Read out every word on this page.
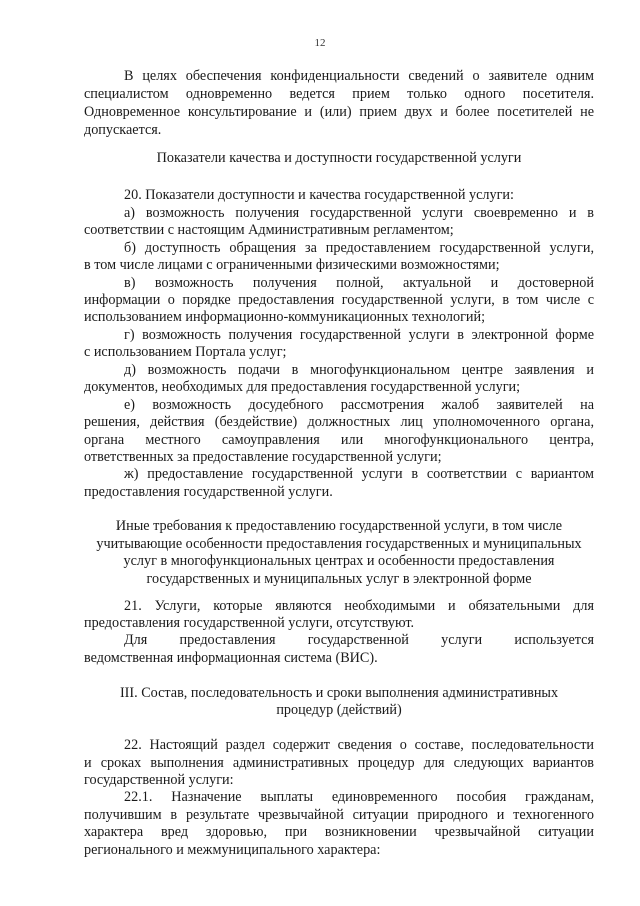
12
В целях обеспечения конфиденциальности сведений о заявителе одним
специалистом одновременно ведется прием только одного посетителя.
Одновременное консультирование и (или) прием двух и более посетителей не
допускается.
Показатели качества и доступности государственной услуги
20. Показатели доступности и качества государственной услуги:
а) возможность получения государственной услуги своевременно и в
соответствии с настоящим Административным регламентом;
б) доступность обращения за предоставлением государственной услуги,
в том числе лицами с ограниченными физическими возможностями;
в) возможность получения полной, актуальной и достоверной
информации о порядке предоставления государственной услуги, в том числе с
использованием информационно-коммуникационных технологий;
г) возможность получения государственной услуги в электронной форме
с использованием Портала услуг;
д) возможность подачи в многофункциональном центре заявления и
документов, необходимых для предоставления государственной услуги;
е) возможность досудебного рассмотрения жалоб заявителей на
решения, действия (бездействие) должностных лиц уполномоченного органа,
органа местного самоуправления или многофункционального центра,
ответственных за предоставление государственной услуги;
ж) предоставление государственной услуги в соответствии с вариантом
предоставления государственной услуги.
Иные требования к предоставлению государственной услуги, в том числе
учитывающие особенности предоставления государственных и муниципальных
услуг в многофункциональных центрах и особенности предоставления
государственных и муниципальных услуг в электронной форме
21. Услуги, которые являются необходимыми и обязательными для
предоставления государственной услуги, отсутствуют.
Для предоставления государственной услуги используется
ведомственная информационная система (ВИС).
III. Состав, последовательность и сроки выполнения административных
процедур (действий)
22. Настоящий раздел содержит сведения о составе, последовательности
и сроках выполнения административных процедур для следующих вариантов
государственной услуги:
22.1. Назначение выплаты единовременного пособия гражданам,
получившим в результате чрезвычайной ситуации природного и техногенного
характера вред здоровью, при возникновении чрезвычайной ситуации
регионального и межмуниципального характера:
